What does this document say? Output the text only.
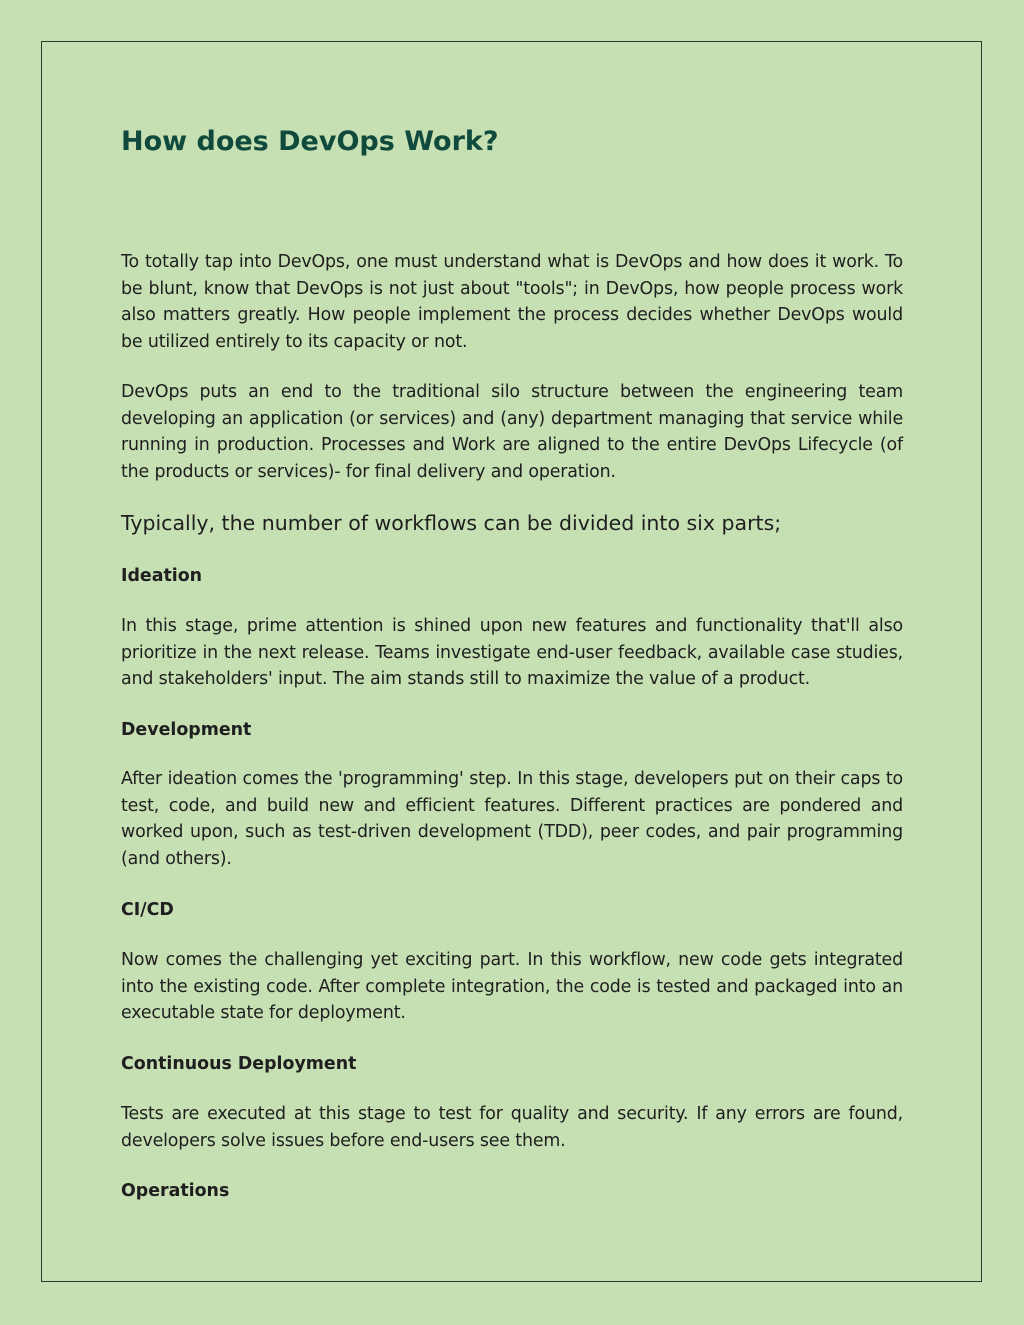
How does DevOps Work?

To totally tap into DevOps, one must understand what is DevOps and how does it work. To be blunt, know that DevOps is not just about "tools"; in DevOps, how people process work also matters greatly. How people implement the process decides whether DevOps would be utilized entirely to its capacity or not.

DevOps puts an end to the traditional silo structure between the engineering team developing an application (or services) and (any) department managing that service while running in production. Processes and Work are aligned to the entire DevOps Lifecycle (of the products or services)- for final delivery and operation.

Typically, the number of workflows can be divided into six parts;

Ideation

In this stage, prime attention is shined upon new features and functionality that'll also prioritize in the next release. Teams investigate end-user feedback, available case studies, and stakeholders' input. The aim stands still to maximize the value of a product.

Development

After ideation comes the 'programming' step. In this stage, developers put on their caps to test, code, and build new and efficient features. Different practices are pondered and worked upon, such as test-driven development (TDD), peer codes, and pair programming (and others).

CI/CD

Now comes the challenging yet exciting part. In this workflow, new code gets integrated into the existing code. After complete integration, the code is tested and packaged into an executable state for deployment.

Continuous Deployment

Tests are executed at this stage to test for quality and security. If any errors are found, developers solve issues before end-users see them.

Operations
